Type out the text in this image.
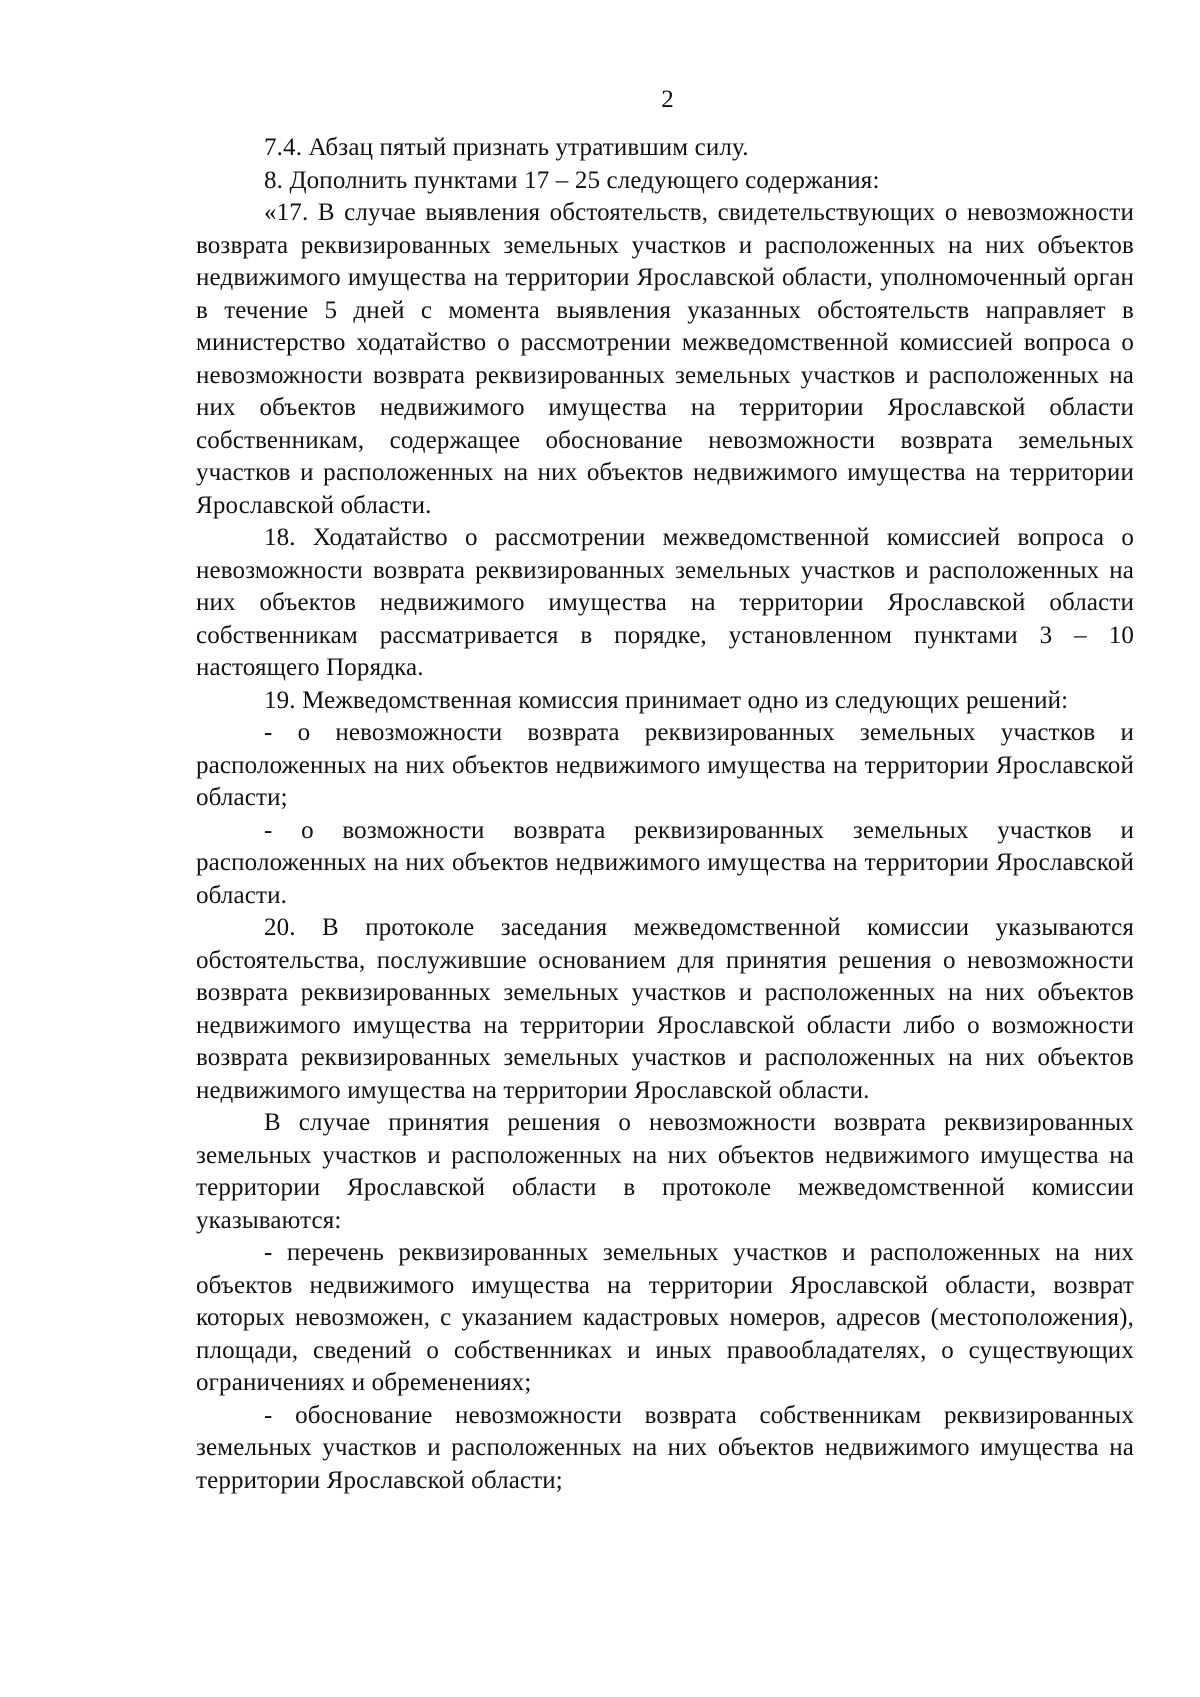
2

7.4. Абзац пятый признать утратившим силу.

8. Дополнить пунктами 17 – 25 следующего содержания:

«17. В случае выявления обстоятельств, свидетельствующих о невозможности возврата реквизированных земельных участков и расположенных на них объектов недвижимого имущества на территории Ярославской области, уполномоченный орган в течение 5 дней с момента выявления указанных обстоятельств направляет в министерство ходатайство о рассмотрении межведомственной комиссией вопроса о невозможности возврата реквизированных земельных участков и расположенных на них объектов недвижимого имущества на территории Ярославской области собственникам, содержащее обоснование невозможности возврата земельных участков и расположенных на них объектов недвижимого имущества на территории Ярославской области.

18. Ходатайство о рассмотрении межведомственной комиссией вопроса о невозможности возврата реквизированных земельных участков и расположенных на них объектов недвижимого имущества на территории Ярославской области собственникам рассматривается в порядке, установленном пунктами 3 – 10 настоящего Порядка.

19. Межведомственная комиссия принимает одно из следующих решений:

- о невозможности возврата реквизированных земельных участков и расположенных на них объектов недвижимого имущества на территории Ярославской области;

- о возможности возврата реквизированных земельных участков и расположенных на них объектов недвижимого имущества на территории Ярославской области.

20. В протоколе заседания межведомственной комиссии указываются обстоятельства, послужившие основанием для принятия решения о невозможности возврата реквизированных земельных участков и расположенных на них объектов недвижимого имущества на территории Ярославской области либо о возможности возврата реквизированных земельных участков и расположенных на них объектов недвижимого имущества на территории Ярославской области.

В случае принятия решения о невозможности возврата реквизированных земельных участков и расположенных на них объектов недвижимого имущества на территории Ярославской области в протоколе межведомственной комиссии указываются:

- перечень реквизированных земельных участков и расположенных на них объектов недвижимого имущества на территории Ярославской области, возврат которых невозможен, с указанием кадастровых номеров, адресов (местоположения), площади, сведений о собственниках и иных правообладателях, о существующих ограничениях и обременениях;

- обоснование невозможности возврата собственникам реквизированных земельных участков и расположенных на них объектов недвижимого имущества на территории Ярославской области;
